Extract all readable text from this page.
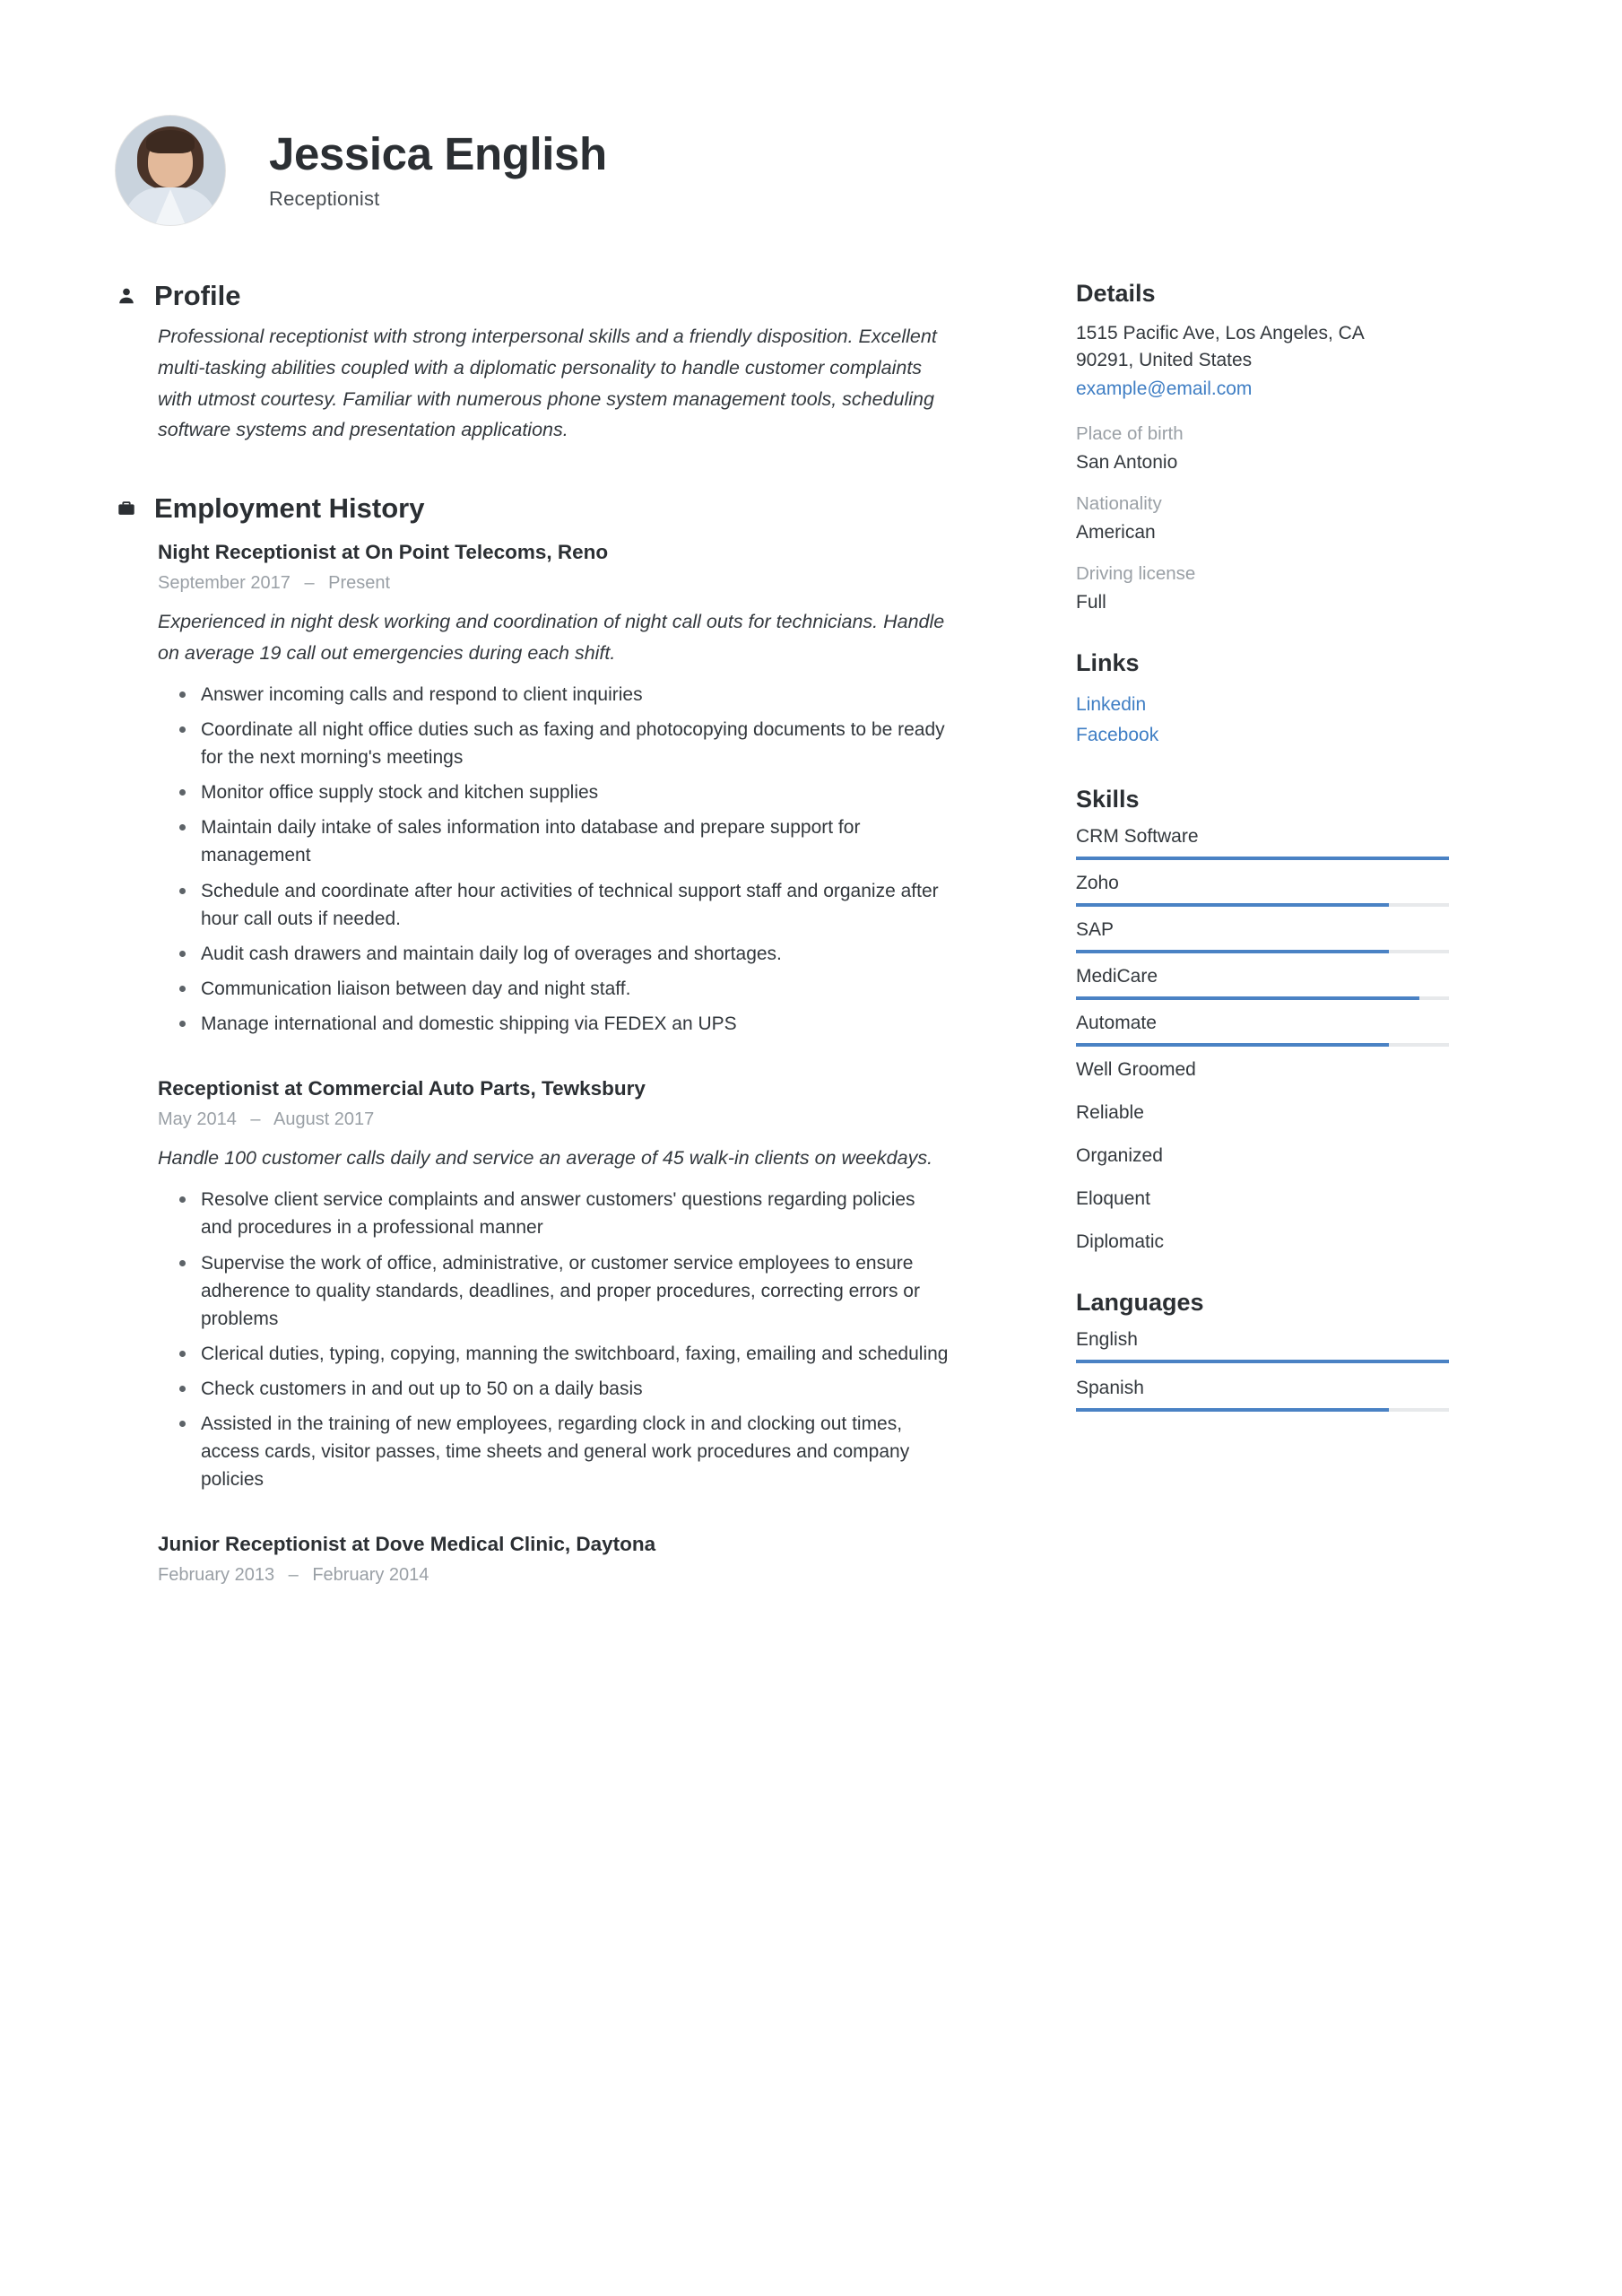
Jessica English
Receptionist
Profile
Professional receptionist with strong interpersonal skills and a friendly disposition. Excellent multi-tasking abilities coupled with a diplomatic personality to handle customer complaints with utmost courtesy. Familiar with numerous phone system management tools, scheduling software systems and presentation applications.
Employment History
Night Receptionist at On Point Telecoms, Reno
September 2017 – Present
Experienced in night desk working and coordination of night call outs for technicians. Handle on average 19 call out emergencies during each shift.
Answer incoming calls and respond to client inquiries
Coordinate all night office duties such as faxing and photocopying documents to be ready for the next morning's meetings
Monitor office supply stock and kitchen supplies
Maintain daily intake of sales information into database and prepare support for management
Schedule and coordinate after hour activities of technical support staff and organize after hour call outs if needed.
Audit cash drawers and maintain daily log of overages and shortages.
Communication liaison between day and night staff.
Manage international and domestic shipping via FEDEX an UPS
Receptionist at Commercial Auto Parts, Tewksbury
May 2014 – August 2017
Handle 100 customer calls daily and service an average of 45 walk-in clients on weekdays.
Resolve client service complaints and answer customers' questions regarding policies and procedures in a professional manner
Supervise the work of office, administrative, or customer service employees to ensure adherence to quality standards, deadlines, and proper procedures, correcting errors or problems
Clerical duties, typing, copying, manning the switchboard, faxing, emailing and scheduling
Check customers in and out up to 50 on a daily basis
Assisted in the training of new employees, regarding clock in and clocking out times, access cards, visitor passes, time sheets and general work procedures and company policies
Junior Receptionist at Dove Medical Clinic, Daytona
February 2013 – February 2014
Details
1515 Pacific Ave, Los Angeles, CA
90291, United States
example@email.com
Place of birth
San Antonio
Nationality
American
Driving license
Full
Links
Linkedin
Facebook
Skills
CRM Software
Zoho
SAP
MediCare
Automate
Well Groomed
Reliable
Organized
Eloquent
Diplomatic
Languages
English
Spanish
